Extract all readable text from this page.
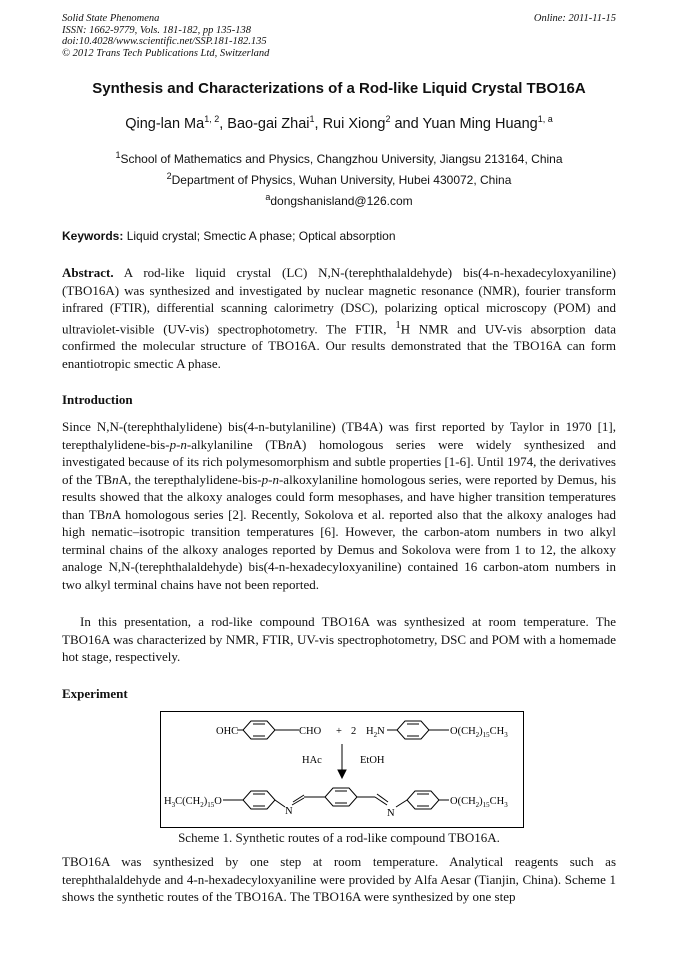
Solid State Phenomena
ISSN: 1662-9779, Vols. 181-182, pp 135-138
doi:10.4028/www.scientific.net/SSP.181-182.135
© 2012 Trans Tech Publications Ltd, Switzerland
Online: 2011-11-15
Synthesis and Characterizations of a Rod-like Liquid Crystal TBO16A
Qing-lan Ma$^{1, 2}$, Bao-gai Zhai$^1$, Rui Xiong$^2$ and Yuan Ming Huang$^{1, a}$
$^1$School of Mathematics and Physics, Changzhou University, Jiangsu 213164, China
$^2$Department of Physics, Wuhan University, Hubei 430072, China
$^a$dongshanisland@126.com
Keywords: Liquid crystal; Smectic A phase; Optical absorption
Abstract. A rod-like liquid crystal (LC) N,N-(terephthalaldehyde) bis(4-n-hexadecyloxyaniline) (TBO16A) was synthesized and investigated by nuclear magnetic resonance (NMR), fourier transform infrared (FTIR), differential scanning calorimetry (DSC), polarizing optical microscopy (POM) and ultraviolet-visible (UV-vis) spectrophotometry. The FTIR, $^1$H NMR and UV-vis absorption data confirmed the molecular structure of TBO16A. Our results demonstrated that the TBO16A can form enantiotropic smectic A phase.
Introduction
Since N,N-(terephthalylidene) bis(4-n-butylaniline) (TB4A) was first reported by Taylor in 1970 [1], terepthalylidene-bis-p-n-alkylaniline (TBnA) homologous series were widely synthesized and investigated because of its rich polymesomorphism and subtle properties [1-6]. Until 1974, the derivatives of the TBnA, the terepthalylidene-bis-p-n-alkoxylaniline homologous series, were reported by Demus, his results showed that the alkoxy analoges could form mesophases, and have higher transition temperatures than TBnA homologous series [2]. Recently, Sokolova et al. reported also that the alkoxy analoges had high nematic–isotropic transition temperatures [6]. However, the carbon-atom numbers in two alkyl terminal chains of the alkoxy analoges reported by Demus and Sokolova were from 1 to 12, the alkoxy analoge N,N-(terephthalaldehyde) bis(4-n-hexadecyloxyaniline) contained 16 carbon-atom numbers in two alkyl terminal chains have not been reported.
In this presentation, a rod-like compound TBO16A was synthesized at room temperature. The TBO16A was characterized by NMR, FTIR, UV-vis spectrophotometry, DSC and POM with a homemade hot stage, respectively.
Experiment
OHC	CHO + 2 $H_2N$	$O(CH_2)_{15}CH_3$
HAc	EtOH
$H_3C(CH_2)_{15}O$
N	N
$O(CH_2)_{15}CH_3$
Scheme 1. Synthetic routes of a rod-like compound TBO16A.
TBO16A was synthesized by one step at room temperature. Analytical reagents such as terephthalaldehyde and 4-n-hexadecyloxyaniline were provided by Alfa Aesar (Tianjin, China). Scheme 1 shows the synthetic routes of the TBO16A. The TBO16A were synthesized by one step
